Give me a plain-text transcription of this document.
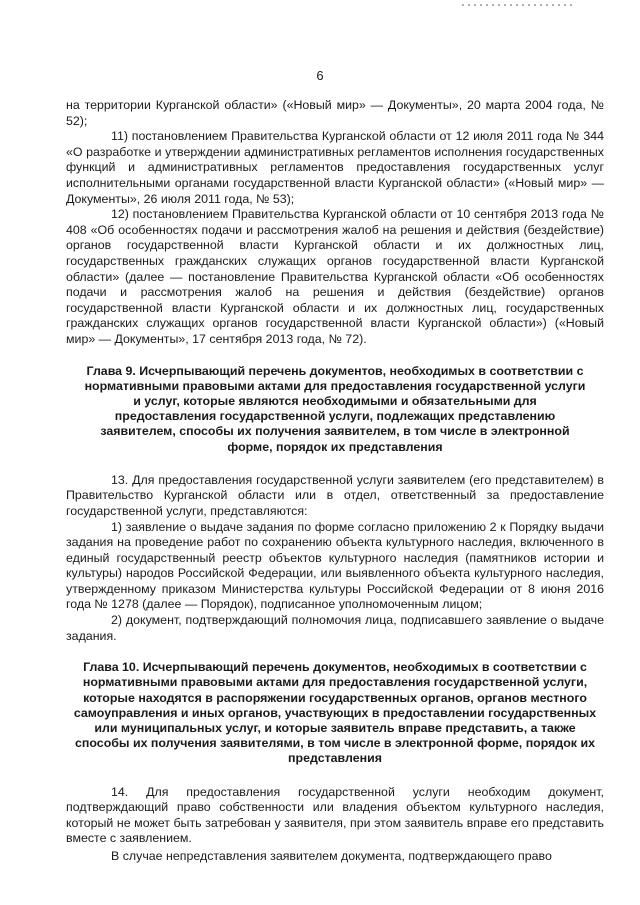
6

на территории Курганской области» («Новый мир» — Документы», 20 марта 2004 года, № 52);

11) постановлением Правительства Курганской области от 12 июля 2011 года № 344 «О разработке и утверждении административных регламентов исполнения государственных функций и административных регламентов предоставления государственных услуг исполнительными органами государственной власти Курганской области» («Новый мир» — Документы», 26 июля 2011 года, № 53);

12) постановлением Правительства Курганской области от 10 сентября 2013 года № 408 «Об особенностях подачи и рассмотрения жалоб на решения и действия (бездействие) органов государственной власти Курганской области и их должностных лиц, государственных гражданских служащих органов государственной власти Курганской области» (далее — постановление Правительства Курганской области «Об особенностях подачи и рассмотрения жалоб на решения и действия (бездействие) органов государственной власти Курганской области и их должностных лиц, государственных гражданских служащих органов государственной власти Курганской области») («Новый мир» — Документы», 17 сентября 2013 года, № 72).

Глава 9. Исчерпывающий перечень документов, необходимых в соответствии с нормативными правовыми актами для предоставления государственной услуги и услуг, которые являются необходимыми и обязательными для предоставления государственной услуги, подлежащих представлению заявителем, способы их получения заявителем, в том числе в электронной форме, порядок их представления

13. Для предоставления государственной услуги заявителем (его представителем) в Правительство Курганской области или в отдел, ответственный за предоставление государственной услуги, представляются:

1) заявление о выдаче задания по форме согласно приложению 2 к Порядку выдачи задания на проведение работ по сохранению объекта культурного наследия, включенного в единый государственный реестр объектов культурного наследия (памятников истории и культуры) народов Российской Федерации, или выявленного объекта культурного наследия, утвержденному приказом Министерства культуры Российской Федерации от 8 июня 2016 года № 1278 (далее — Порядок), подписанное уполномоченным лицом;

2) документ, подтверждающий полномочия лица, подписавшего заявление о выдаче задания.

Глава 10. Исчерпывающий перечень документов, необходимых в соответствии с нормативными правовыми актами для предоставления государственной услуги, которые находятся в распоряжении государственных органов, органов местного самоуправления и иных органов, участвующих в предоставлении государственных или муниципальных услуг, и которые заявитель вправе представить, а также способы их получения заявителями, в том числе в электронной форме, порядок их представления

14. Для предоставления государственной услуги необходим документ, подтверждающий право собственности или владения объектом культурного наследия, который не может быть затребован у заявителя, при этом заявитель вправе его представить вместе с заявлением.

В случае непредставления заявителем документа, подтверждающего право
